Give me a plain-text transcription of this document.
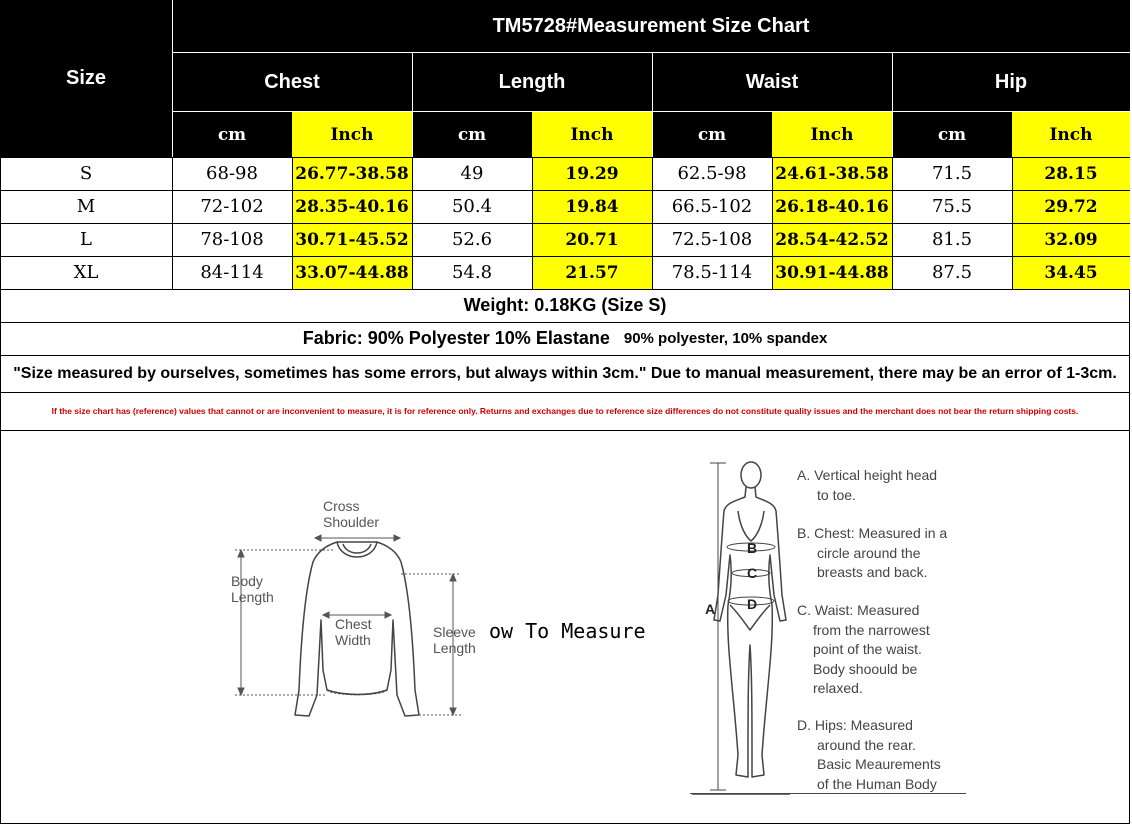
Size
TM5728#Measurement Size Chart
Chest	Length	Waist	Hip
cm	Inch	cm	Inch	cm	Inch	cm	Inch
S	68-98	26.77-38.58	49	19.29	62.5-98	24.61-38.58	71.5	28.15
M	72-102	28.35-40.16	50.4	19.84	66.5-102	26.18-40.16	75.5	29.72
L	78-108	30.71-45.52	52.6	20.71	72.5-108	28.54-42.52	81.5	32.09
XL	84-114	33.07-44.88	54.8	21.57	78.5-114	30.91-44.88	87.5	34.45
Weight: 0.18KG (Size S)
Fabric: 90% Polyester 10% Elastane 90% polyester, 10% spandex
"Size measured by ourselves, sometimes has some errors, but always within 3cm." Due to manual measurement, there may be an error of 1-3cm.
If the size chart has (reference) values that cannot or are inconvenient to measure, it is for reference only. Returns and exchanges due to reference size differences do not constitute quality issues and the merchant does not bear the return shipping costs.
Cross
Shoulder
Body
Length
Chest
Width	Sleeve
Length
ow To Measure
A
B
C
D
A. Vertical height head
to toe.
B. Chest: Measured in a
circle around the
breasts and back.
C. Waist: Measured
from the narrowest
point of the waist.
Body shoould be
relaxed.
D. Hips: Measured
around the rear.
Basic Meaurements
of the Human Body
